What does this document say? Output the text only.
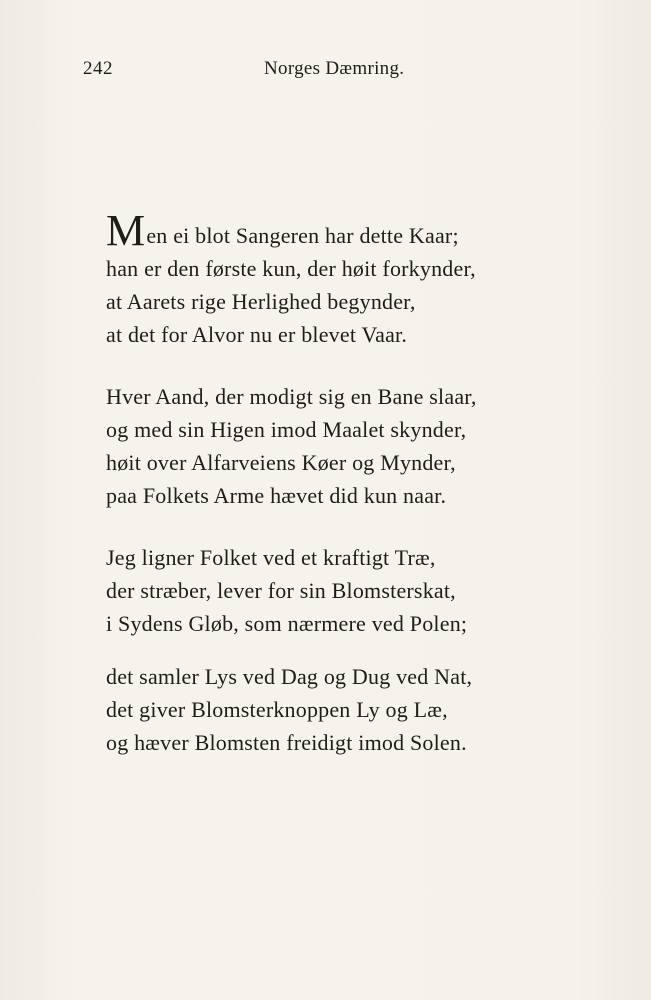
242	Norges Dæmring.
Men ei blot Sangeren har dette Kaar;
han er den første kun, der høit forkynder,
at Aarets rige Herlighed begynder,
at det for Alvor nu er blevet Vaar.
Hver Aand, der modigt sig en Bane slaar,
og med sin Higen imod Maalet skynder,
høit over Alfarveiens Køer og Mynder,
paa Folkets Arme hævet did kun naar.
Jeg ligner Folket ved et kraftigt Træ,
der stræber, lever for sin Blomsterskat,
i Sydens Gløb, som nærmere ved Polen;
det samler Lys ved Dag og Dug ved Nat,
det giver Blomsterknoppen Ly og Læ,
og hæver Blomsten freidigt imod Solen.
